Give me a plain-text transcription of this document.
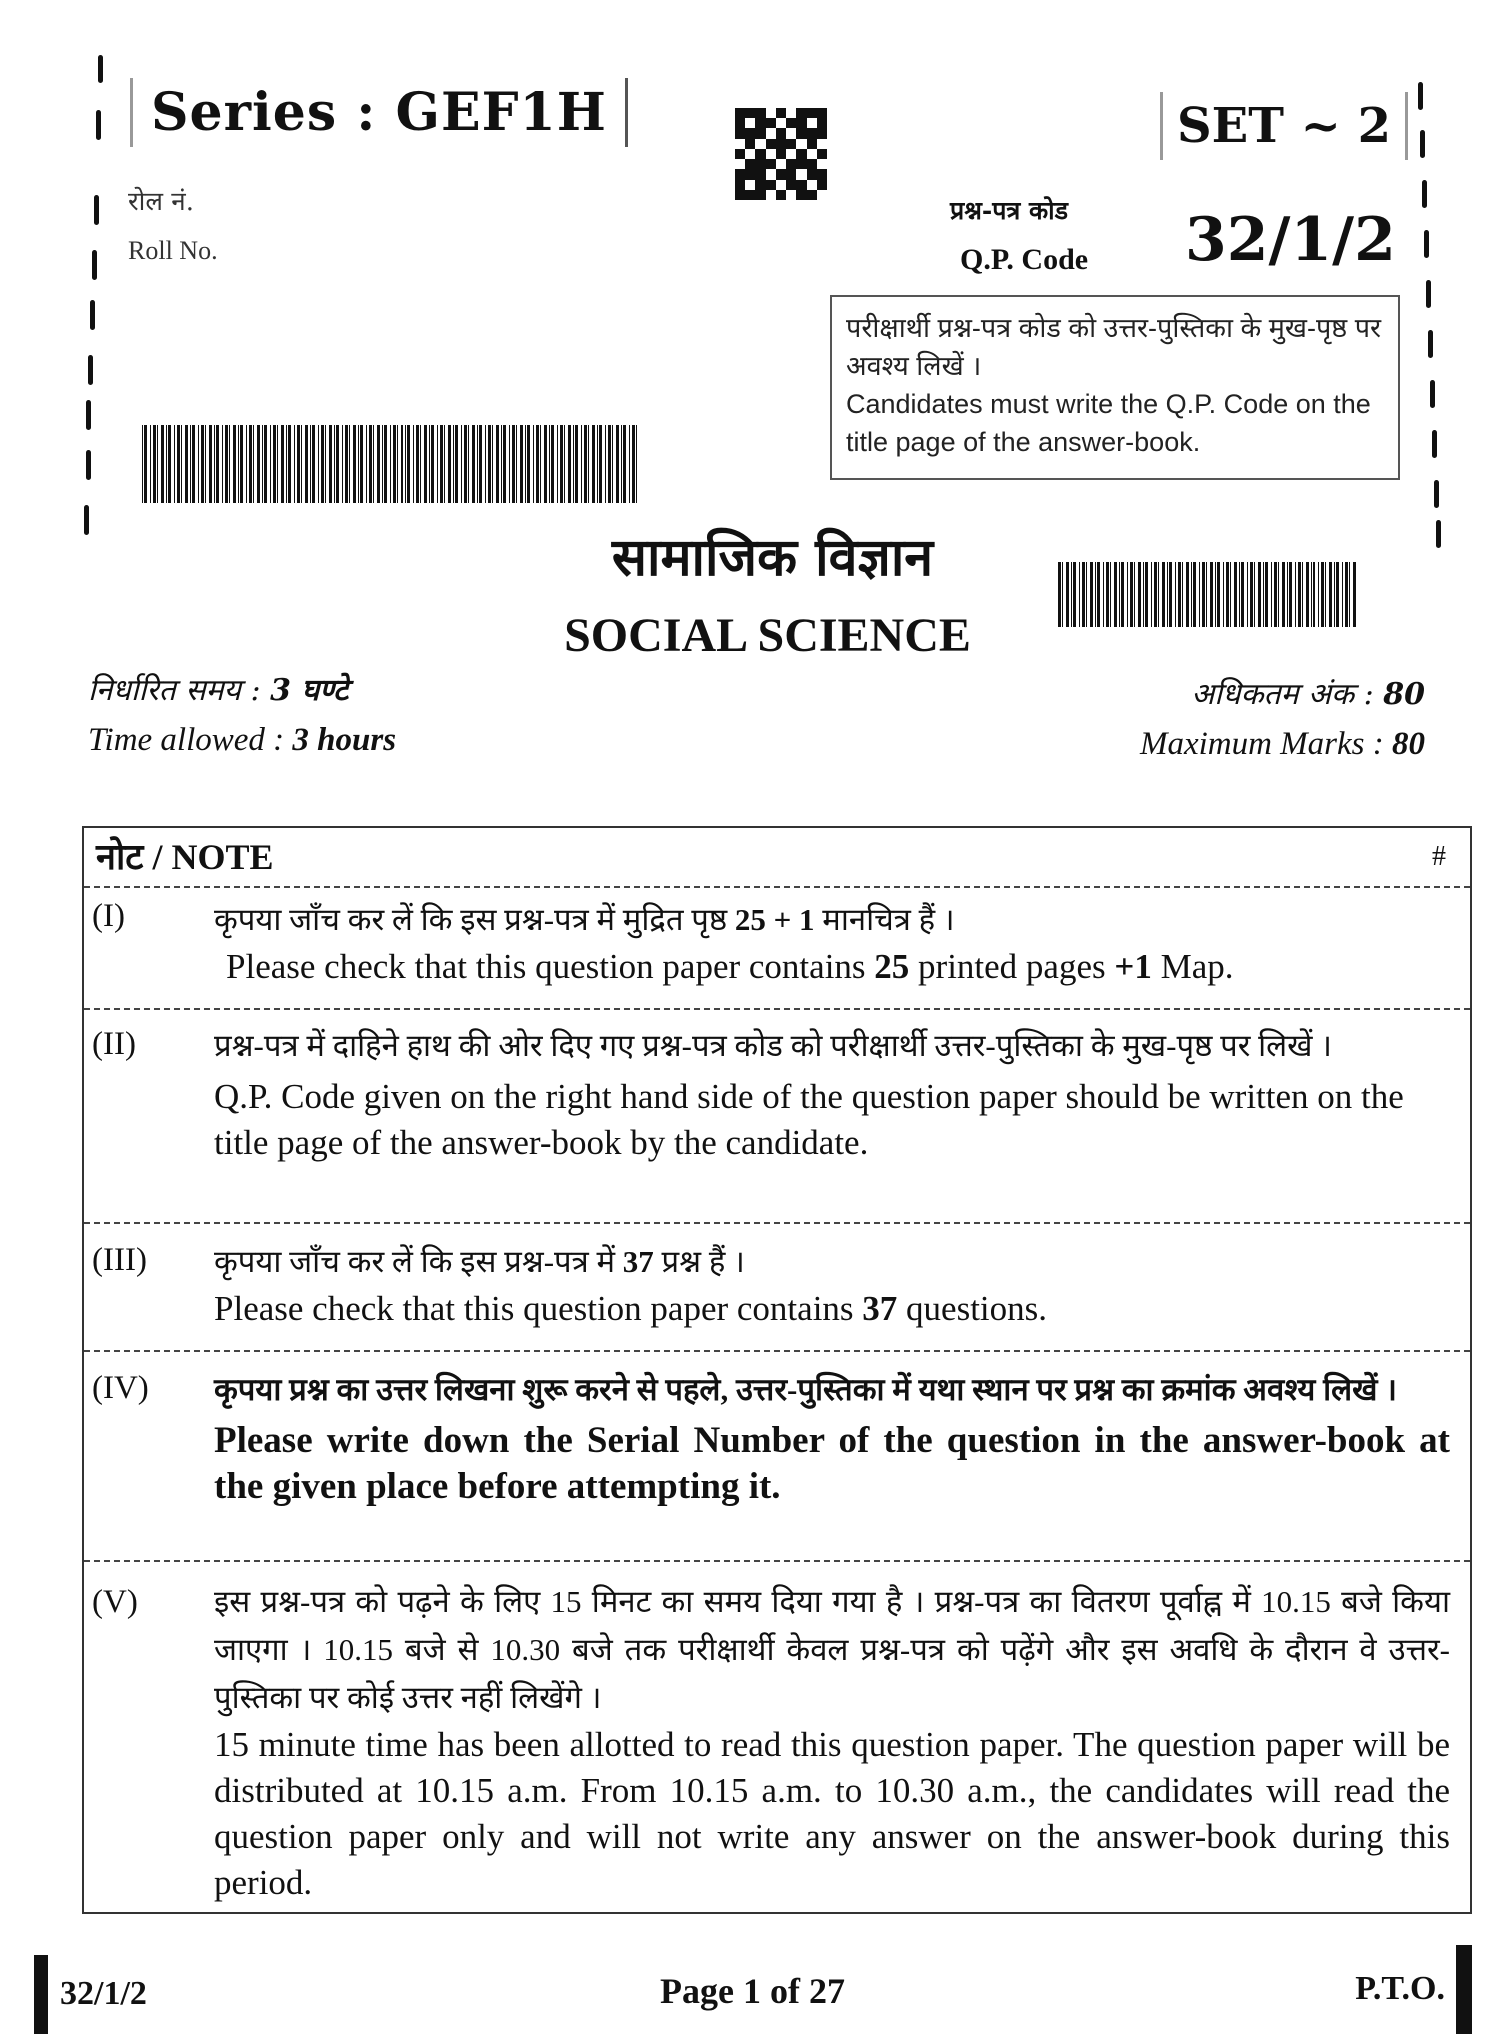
Series : GEF1H	SET ~ 2
रोल नं.
Roll No.
प्रश्न-पत्र कोड
Q.P. Code 32/1/2
परीक्षार्थी प्रश्न-पत्र कोड को उत्तर-पुस्तिका के मुख-पृष्ठ पर अवश्य लिखें ।
Candidates must write the Q.P. Code on the title page of the answer-book.
सामाजिक विज्ञान
SOCIAL SCIENCE
निर्धारित समय : 3 घण्टे
Time allowed : 3 hours
अधिकतम अंक : 80
Maximum Marks : 80
नोट / NOTE	#
(I)	कृपया जाँच कर लें कि इस प्रश्न-पत्र में मुद्रित पृष्ठ 25 + 1 मानचित्र हैं ।
Please check that this question paper contains 25 printed pages +1 Map.
(II)	प्रश्न-पत्र में दाहिने हाथ की ओर दिए गए प्रश्न-पत्र कोड को परीक्षार्थी उत्तर-पुस्तिका के मुख-पृष्ठ पर लिखें ।
Q.P. Code given on the right hand side of the question paper should be written on the title page of the answer-book by the candidate.
(III) कृपया जाँच कर लें कि इस प्रश्न-पत्र में 37 प्रश्न हैं ।
Please check that this question paper contains 37 questions.
(IV) कृपया प्रश्न का उत्तर लिखना शुरू करने से पहले, उत्तर-पुस्तिका में यथा स्थान पर प्रश्न का क्रमांक अवश्य लिखें ।
Please write down the Serial Number of the question in the answer-book at the given place before attempting it.
(V) इस प्रश्न-पत्र को पढ़ने के लिए 15 मिनट का समय दिया गया है । प्रश्न-पत्र का वितरण पूर्वाह्न में 10.15 बजे किया जाएगा । 10.15 बजे से 10.30 बजे तक परीक्षार्थी केवल प्रश्न-पत्र को पढ़ेंगे और इस अवधि के दौरान वे उत्तर-पुस्तिका पर कोई उत्तर नहीं लिखेंगे ।
15 minute time has been allotted to read this question paper. The question paper will be distributed at 10.15 a.m. From 10.15 a.m. to 10.30 a.m., the candidates will read the question paper only and will not write any answer on the answer-book during this period.
32/1/2	Page 1 of 27	P.T.O.
